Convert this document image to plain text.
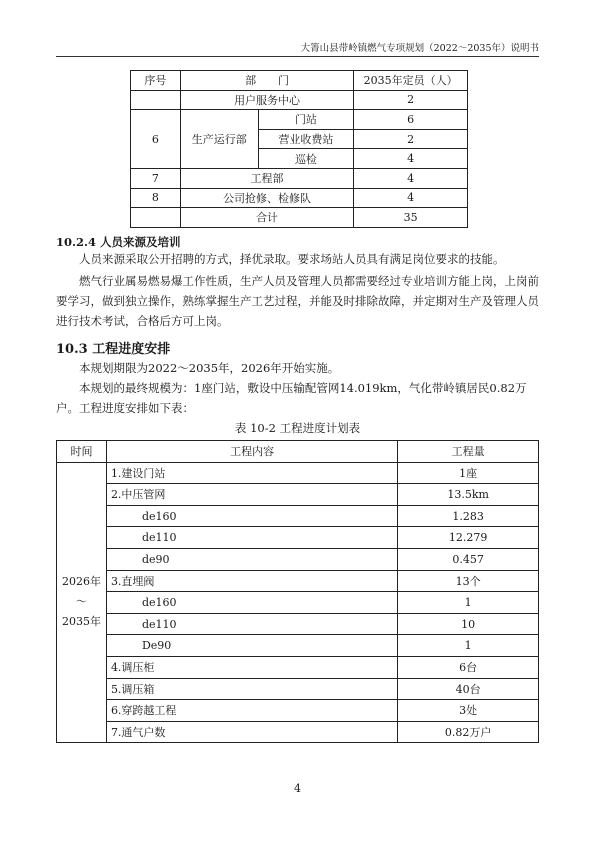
大箐山县带岭镇燃气专项规划（2022～2035年）说明书
序号	部　　门		2035年定员（人）
	用户服务中心		2
6	生产运行部	门站	6
		营业收费站	2
		巡检	4
7	工程部		4
8	公司抢修、检修队		4
	合计		35
10.2.4 人员来源及培训

人员来源采取公开招聘的方式，择优录取。要求场站人员具有满足岗位要求的技能。

燃气行业属易燃易爆工作性质，生产人员及管理人员都需要经过专业培训方能上岗，上岗前要学习，做到独立操作，熟练掌握生产工艺过程，并能及时排除故障，并定期对生产及管理人员进行技术考试，合格后方可上岗。

10.3 工程进度安排

本规划期限为2022～2035年，2026年开始实施。

本规划的最终规模为：1座门站，敷设中压输配管网14.019km，气化带岭镇居民0.82万户。工程进度安排如下表：

表 10-2 工程进度计划表
时间	工程内容	工程量

2026年
～
2035年	1.建设门站	1座
	2.中压管网	13.5km
	de160	1.283
	de110	12.279
	de90	0.457
	3.直埋阀	13个
	de160	1
	de110	10
	De90	1
	4.调压柜	6台
	5.调压箱	40台
	6.穿跨越工程	3处
	7.通气户数	0.82万户
4
